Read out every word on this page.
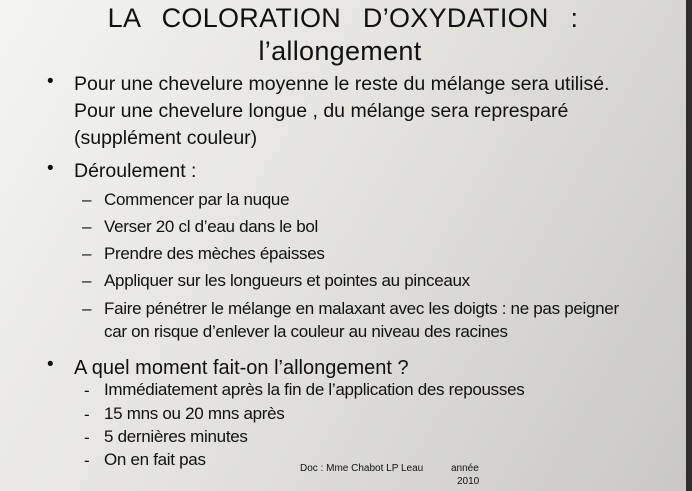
LA COLORATION D’OXYDATION :
l’allongement
• Pour une chevelure moyenne le reste du mélange sera utilisé.
Pour une chevelure longue , du mélange sera represparé
(supplément couleur)
• Déroulement :
– Commencer par la nuque
– Verser 20 cl d’eau dans le bol
– Prendre des mèches épaisses
– Appliquer sur les longueurs et pointes au pinceaux
– Faire pénétrer le mélange en malaxant avec les doigts : ne pas peigner
car on risque d’enlever la couleur au niveau des racines
• A quel moment fait-on l’allongement ?
- Immédiatement après la fin de l’application des repousses
- 15 mns ou 20 mns après
- 5 dernières minutes
- On en fait pas	Doc : Mme Chabot LP Leau	année
2010
